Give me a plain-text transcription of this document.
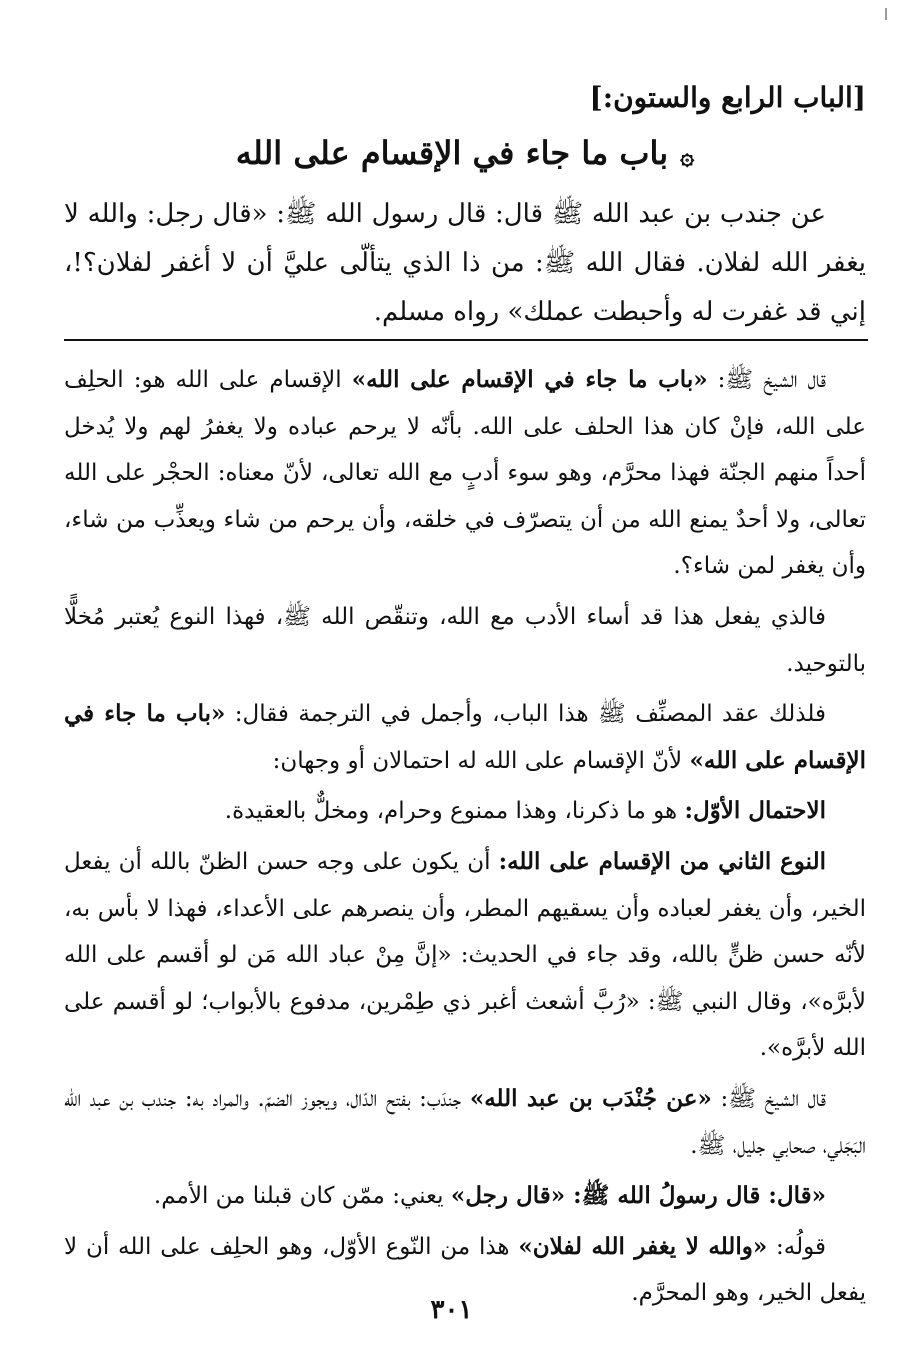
[الباب الرابع والستون:]
۞باب ما جاء في الإقسام على الله
عن جندب بن عبد الله ﷺ قال: قال رسول الله ﷺ: «قال رجل: والله لا يغفر الله لفلان. فقال الله ﷺ: من ذا الذي يتألّى عليَّ أن لا أغفر لفلان؟!، إني قد غفرت له وأحبطت عملك» رواه مسلم.

قال الشيخ ﷺ: «باب ما جاء في الإقسام على الله» الإقسام على الله هو: الحلِف على الله، فإنْ كان هذا الحلف على الله. بأنّه لا يرحم عباده ولا يغفرُ لهم ولا يُدخل أحداً منهم الجنّة فهذا محرَّم، وهو سوء أدبٍ مع الله تعالى، لأنّ معناه: الحجْر على الله تعالى، ولا أحدٌ يمنع الله من أن يتصرّف في خلقه، وأن يرحم من شاء ويعذِّب من شاء، وأن يغفر لمن شاء؟.

فالذي يفعل هذا قد أساء الأدب مع الله، وتنقّص الله ﷺ، فهذا النوع يُعتبر مُخلًّا بالتوحيد.

فلذلك عقد المصنِّف ﷺ هذا الباب، وأجمل في الترجمة فقال: «باب ما جاء في الإقسام على الله» لأنّ الإقسام على الله له احتمالان أو وجهان:

الاحتمال الأوّل: هو ما ذكرنا، وهذا ممنوع وحرام، ومخلٌّ بالعقيدة.

النوع الثاني من الإقسام على الله: أن يكون على وجه حسن الظنّ بالله أن يفعل الخير، وأن يغفر لعباده وأن يسقيهم المطر، وأن ينصرهم على الأعداء، فهذا لا بأس به، لأنّه حسن ظنٍّ بالله، وقد جاء في الحديث: «إنَّ مِنْ عباد الله مَن لو أقسم على الله لأبرَّه»، وقال النبي ﷺ: «رُبَّ أشعث أغبر ذي طِمْرين، مدفوع بالأبواب؛ لو أقسم على الله لأبرَّه».

قال الشيخ ﷺ: «عن جُنْدَب بن عبد الله» جندَب: بفتح الدّال، ويجوز الضمّ. والمراد به: جندب بن عبد الله البَجَلي، صحابي جليل، ﷺ.

«قال: قال رسولُ الله ﷺ: «قال رجل» يعني: ممّن كان قبلنا من الأمم.

قولُه: «والله لا يغفر الله لفلان» هذا من النّوع الأوّل، وهو الحلِف على الله أن لا يفعل الخير، وهو المحرَّم.

٣٠١
